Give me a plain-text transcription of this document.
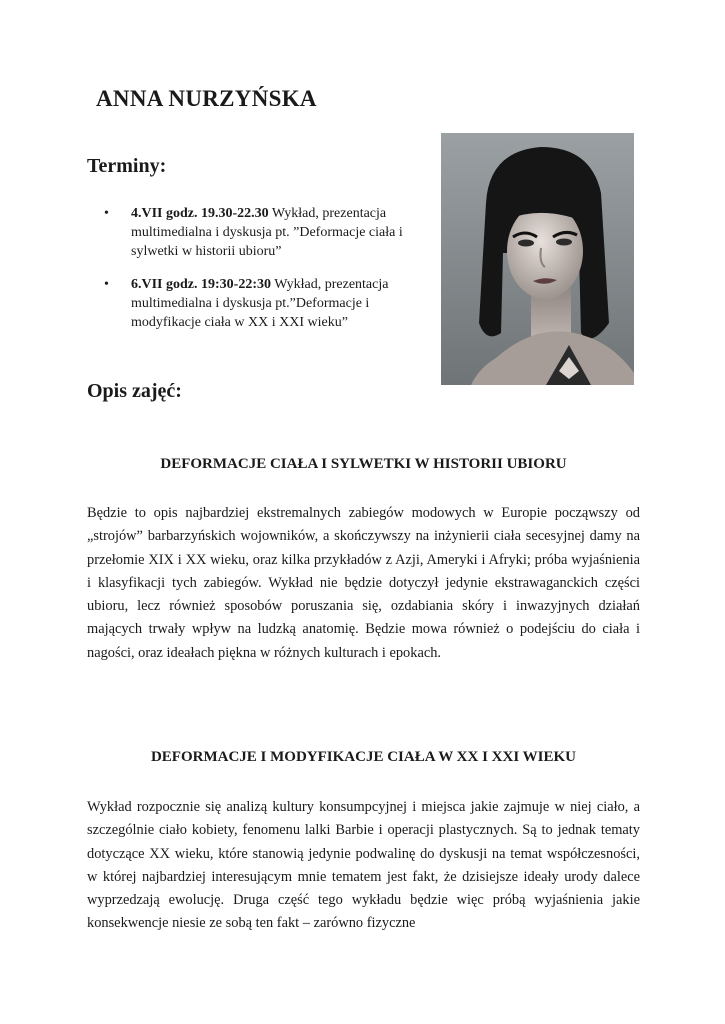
ANNA NURZYŃSKA
Terminy:
• 4.VII godz. 19.30-22.30 Wykład, prezentacja multimedialna i dyskusja pt. ”Deformacje ciała i sylwetki w historii ubioru”
• 6.VII godz. 19:30-22:30 Wykład, prezentacja multimedialna i dyskusja pt.”Deformacje i modyfikacje ciała w XX i XXI wieku”
Opis zajęć:
DEFORMACJE CIAŁA I SYLWETKI W HISTORII UBIORU

Będzie to opis najbardziej ekstremalnych zabiegów modowych w Europie począwszy od „strojów” barbarzyńskich wojowników, a skończywszy na inżynierii ciała secesyjnej damy na przełomie XIX i XX wieku, oraz kilka przykładów z Azji, Ameryki i Afryki; próba wyjaśnienia i klasyfikacji tych zabiegów. Wykład nie będzie dotyczył jedynie ekstrawaganckich części ubioru, lecz również sposobów poruszania się, ozdabiania skóry i inwazyjnych działań mających trwały wpływ na ludzką anatomię. Będzie mowa również o podejściu do ciała i nagości, oraz ideałach piękna w różnych kulturach i epokach.

DEFORMACJE I MODYFIKACJE CIAŁA W XX I XXI WIEKU

Wykład rozpocznie się analizą kultury konsumpcyjnej i miejsca jakie zajmuje w niej ciało, a szczególnie ciało kobiety, fenomenu lalki Barbie i operacji plastycznych. Są to jednak tematy dotyczące XX wieku, które stanowią jedynie podwalinę do dyskusji na temat współczesności, w której najbardziej interesującym mnie tematem jest fakt, że dzisiejsze ideały urody dalece wyprzedzają ewolucję. Druga część tego wykładu będzie więc próbą wyjaśnienia jakie konsekwencje niesie ze sobą ten fakt – zarówno fizyczne
